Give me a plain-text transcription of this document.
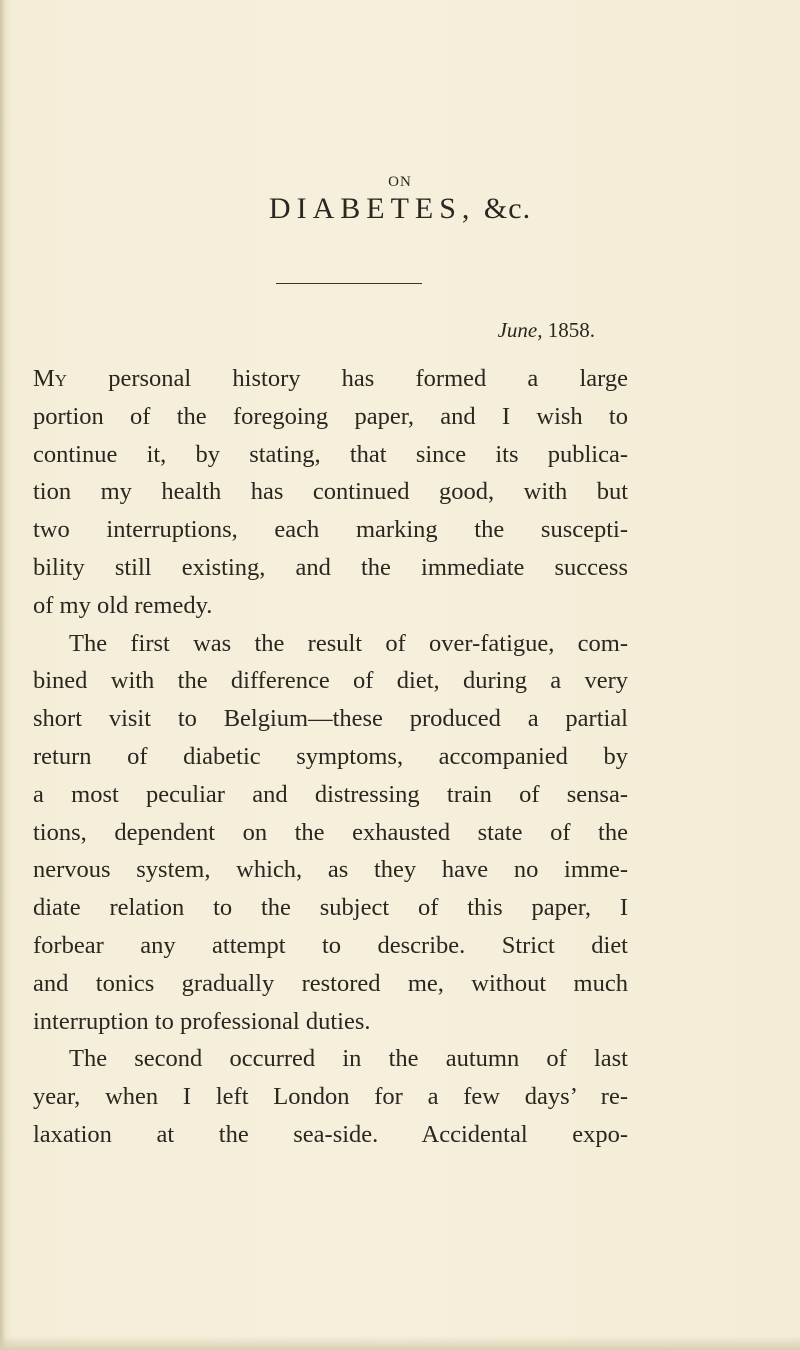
ON
DIABETES, &c.
June, 1858.
My personal history has formed a large
portion of the foregoing paper, and I wish to
continue it, by stating, that since its publica-
tion my health has continued good, with but
two interruptions, each marking the suscepti-
bility still existing, and the immediate success
of my old remedy.
The first was the result of over-fatigue, com-
bined with the difference of diet, during a very
short visit to Belgium—these produced a partial
return of diabetic symptoms, accompanied by
a most peculiar and distressing train of sensa-
tions, dependent on the exhausted state of the
nervous system, which, as they have no imme-
diate relation to the subject of this paper, I
forbear any attempt to describe. Strict diet
and tonics gradually restored me, without much
interruption to professional duties.
The second occurred in the autumn of last
year, when I left London for a few days’ re-
laxation at the sea-side. Accidental expo-
